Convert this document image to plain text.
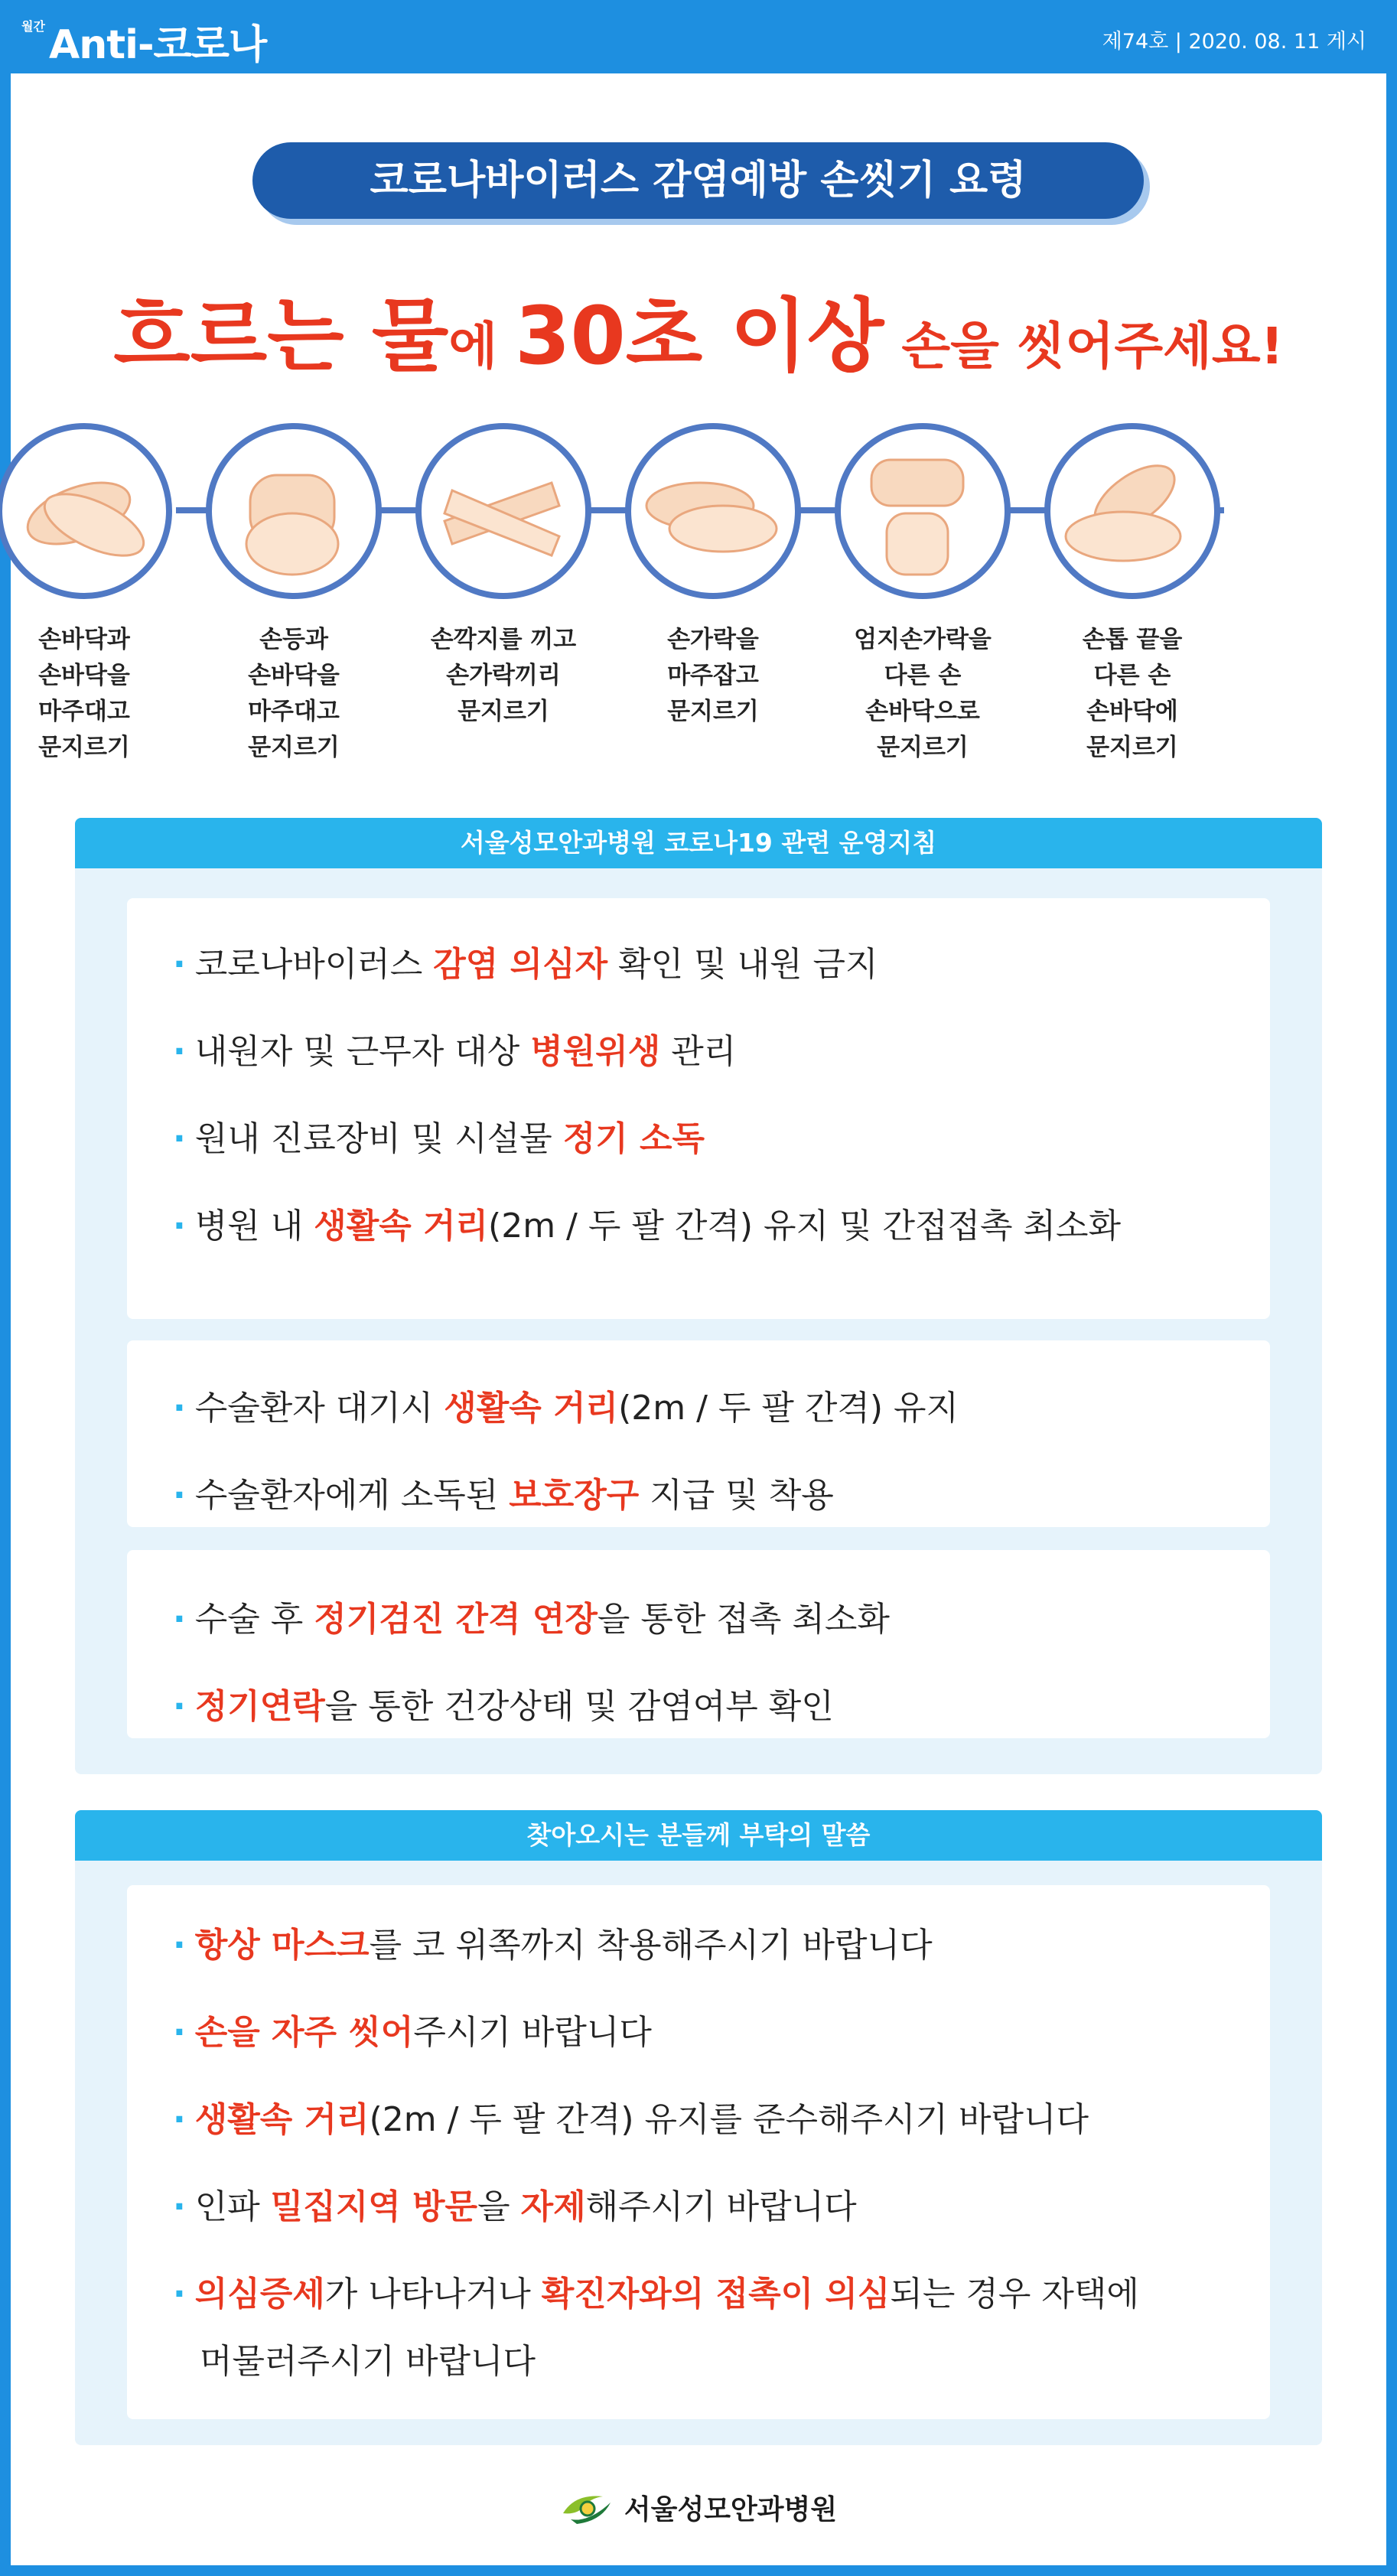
월간 Anti-코로나	제74호 | 2020. 08. 11 게시
코로나바이러스 감염예방 손씻기 요령
흐르는 물에 30초 이상 손을 씻어주세요!
손바닥과
손바닥을
마주대고
문지르기
손등과
손바닥을
마주대고
문지르기
손깍지를 끼고
손가락끼리
문지르기
손가락을
마주잡고
문지르기
엄지손가락을
다른 손
손바닥으로
문지르기
손톱 끝을
다른 손
손바닥에
문지르기
서울성모안과병원 코로나19 관련 운영지침
· 코로나바이러스 감염 의심자 확인 및 내원 금지
· 내원자 및 근무자 대상 병원위생 관리
· 원내 진료장비 및 시설물 정기 소독
· 병원 내 생활속 거리(2m / 두 팔 간격) 유지 및 간접접촉 최소화
· 수술환자 대기시 생활속 거리(2m / 두 팔 간격) 유지
· 수술환자에게 소독된 보호장구 지급 및 착용
· 수술 후 정기검진 간격 연장을 통한 접촉 최소화
· 정기연락을 통한 건강상태 및 감염여부 확인
찾아오시는 분들께 부탁의 말씀
· 항상 마스크를 코 위쪽까지 착용해주시기 바랍니다
· 손을 자주 씻어주시기 바랍니다
· 생활속 거리(2m / 두 팔 간격) 유지를 준수해주시기 바랍니다
· 인파 밀집지역 방문을 자제해주시기 바랍니다
· 의심증세가 나타나거나 확진자와의 접촉이 의심되는 경우 자택에
머물러주시기 바랍니다
서울성모안과병원
